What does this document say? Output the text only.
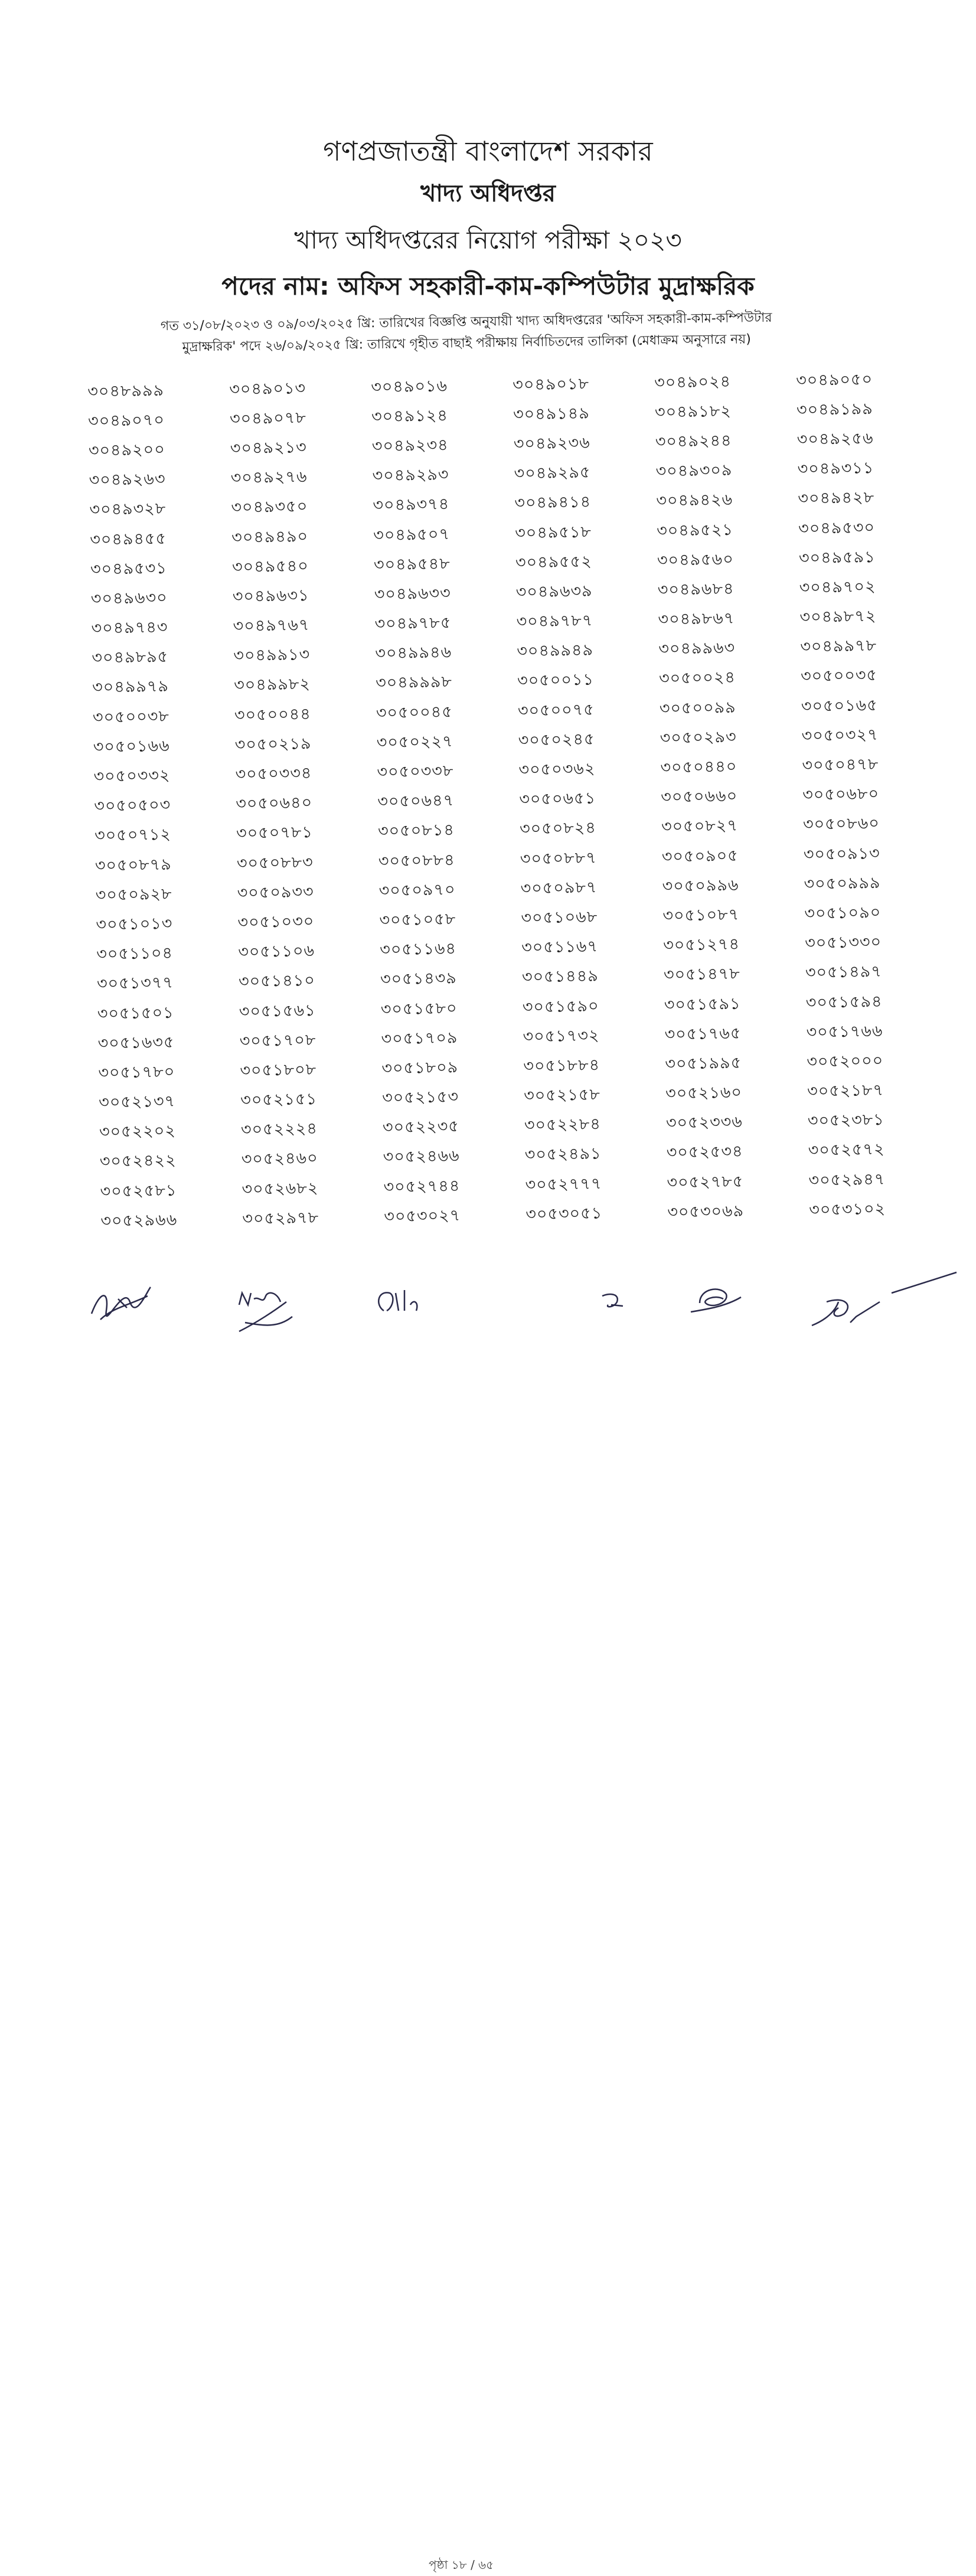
গণপ্রজাতন্ত্রী বাংলাদেশ সরকার
খাদ্য অধিদপ্তর
খাদ্য অধিদপ্তরের নিয়োগ পরীক্ষা ২০২৩
পদের নাম: অফিস সহকারী-কাম-কম্পিউটার মুদ্রাক্ষরিক
গত ৩১/০৮/২০২৩ ও ০৯/০৩/২০২৫ খ্রি: তারিখের বিজ্ঞপ্তি অনুযায়ী খাদ্য অধিদপ্তরের 'অফিস সহকারী-কাম-কম্পিউটার
মুদ্রাক্ষরিক' পদে ২৬/০৯/২০২৫ খ্রি: তারিখে গৃহীত বাছাই পরীক্ষায় নির্বাচিতদের তালিকা (মেধাক্রম অনুসারে নয়)
৩০৪৮৯৯৯	৩০৪৯০১৩	৩০৪৯০১৬	৩০৪৯০১৮	৩০৪৯০২৪	৩০৪৯০৫০
৩০৪৯০৭০	৩০৪৯০৭৮	৩০৪৯১২৪	৩০৪৯১৪৯	৩০৪৯১৮২	৩০৪৯১৯৯
৩০৪৯২০০	৩০৪৯২১৩	৩০৪৯২৩৪	৩০৪৯২৩৬	৩০৪৯২৪৪	৩০৪৯২৫৬
৩০৪৯২৬৩	৩০৪৯২৭৬	৩০৪৯২৯৩	৩০৪৯২৯৫	৩০৪৯৩০৯	৩০৪৯৩১১
৩০৪৯৩২৮	৩০৪৯৩৫০	৩০৪৯৩৭৪	৩০৪৯৪১৪	৩০৪৯৪২৬	৩০৪৯৪২৮
৩০৪৯৪৫৫	৩০৪৯৪৯০	৩০৪৯৫০৭	৩০৪৯৫১৮	৩০৪৯৫২১	৩০৪৯৫৩০
৩০৪৯৫৩১	৩০৪৯৫৪০	৩০৪৯৫৪৮	৩০৪৯৫৫২	৩০৪৯৫৬০	৩০৪৯৫৯১
৩০৪৯৬৩০	৩০৪৯৬৩১	৩০৪৯৬৩৩	৩০৪৯৬৩৯	৩০৪৯৬৮৪	৩০৪৯৭০২
৩০৪৯৭৪৩	৩০৪৯৭৬৭	৩০৪৯৭৮৫	৩০৪৯৭৮৭	৩০৪৯৮৬৭	৩০৪৯৮৭২
৩০৪৯৮৯৫	৩০৪৯৯১৩	৩০৪৯৯৪৬	৩০৪৯৯৪৯	৩০৪৯৯৬৩	৩০৪৯৯৭৮
৩০৪৯৯৭৯	৩০৪৯৯৮২	৩০৪৯৯৯৮	৩০৫০০১১	৩০৫০০২৪	৩০৫০০৩৫
৩০৫০০৩৮	৩০৫০০৪৪	৩০৫০০৪৫	৩০৫০০৭৫	৩০৫০০৯৯	৩০৫০১৬৫
৩০৫০১৬৬	৩০৫০২১৯	৩০৫০২২৭	৩০৫০২৪৫	৩০৫০২৯৩	৩০৫০৩২৭
৩০৫০৩৩২	৩০৫০৩৩৪	৩০৫০৩৩৮	৩০৫০৩৬২	৩০৫০৪৪০	৩০৫০৪৭৮
৩০৫০৫০৩	৩০৫০৬৪০	৩০৫০৬৪৭	৩০৫০৬৫১	৩০৫০৬৬০	৩০৫০৬৮০
৩০৫০৭১২	৩০৫০৭৮১	৩০৫০৮১৪	৩০৫০৮২৪	৩০৫০৮২৭	৩০৫০৮৬০
৩০৫০৮৭৯	৩০৫০৮৮৩	৩০৫০৮৮৪	৩০৫০৮৮৭	৩০৫০৯০৫	৩০৫০৯১৩
৩০৫০৯২৮	৩০৫০৯৩৩	৩০৫০৯৭০	৩০৫০৯৮৭	৩০৫০৯৯৬	৩০৫০৯৯৯
৩০৫১০১৩	৩০৫১০৩০	৩০৫১০৫৮	৩০৫১০৬৮	৩০৫১০৮৭	৩০৫১০৯০
৩০৫১১০৪	৩০৫১১০৬	৩০৫১১৬৪	৩০৫১১৬৭	৩০৫১২৭৪	৩০৫১৩৩০
৩০৫১৩৭৭	৩০৫১৪১০	৩০৫১৪৩৯	৩০৫১৪৪৯	৩০৫১৪৭৮	৩০৫১৪৯৭
৩০৫১৫০১	৩০৫১৫৬১	৩০৫১৫৮০	৩০৫১৫৯০	৩০৫১৫৯১	৩০৫১৫৯৪
৩০৫১৬৩৫	৩০৫১৭০৮	৩০৫১৭০৯	৩০৫১৭৩২	৩০৫১৭৬৫	৩০৫১৭৬৬
৩০৫১৭৮০	৩০৫১৮০৮	৩০৫১৮০৯	৩০৫১৮৮৪	৩০৫১৯৯৫	৩০৫২০০০
৩০৫২১৩৭	৩০৫২১৫১	৩০৫২১৫৩	৩০৫২১৫৮	৩০৫২১৬০	৩০৫২১৮৭
৩০৫২২০২	৩০৫২২২৪	৩০৫২২৩৫	৩০৫২২৮৪	৩০৫২৩৩৬	৩০৫২৩৮১
৩০৫২৪২২	৩০৫২৪৬০	৩০৫২৪৬৬	৩০৫২৪৯১	৩০৫২৫৩৪	৩০৫২৫৭২
৩০৫২৫৮১	৩০৫২৬৮২	৩০৫২৭৪৪	৩০৫২৭৭৭	৩০৫২৭৮৫	৩০৫২৯৪৭
৩০৫২৯৬৬	৩০৫২৯৭৮	৩০৫৩০২৭	৩০৫৩০৫১	৩০৫৩০৬৯	৩০৫৩১০২
পৃষ্ঠা ১৮ / ৬৫
